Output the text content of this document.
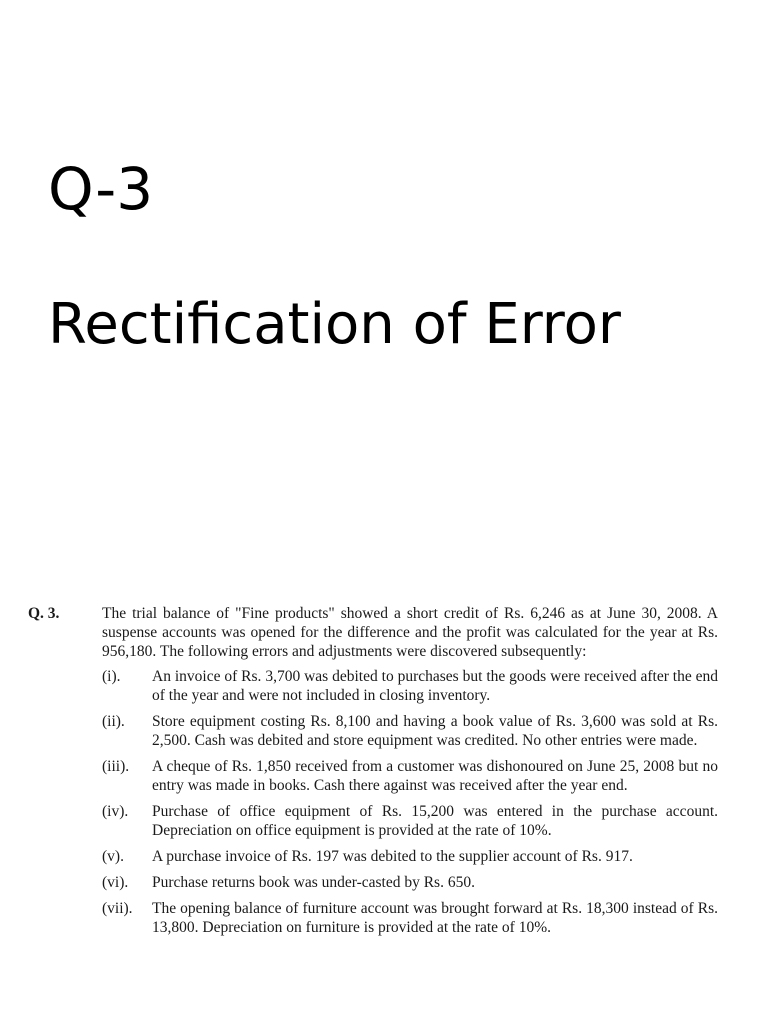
Q-3
Rectification of Error
Q. 3.	The trial balance of "Fine products" showed a short credit of Rs. 6,246 as at June 30, 2008. A suspense accounts was opened for the difference and the profit was calculated for the year at Rs. 956,180. The following errors and adjustments were discovered subsequently:
(i).	An invoice of Rs. 3,700 was debited to purchases but the goods were received after the end of the year and were not included in closing inventory.
(ii).	Store equipment costing Rs. 8,100 and having a book value of Rs. 3,600 was sold at Rs. 2,500. Cash was debited and store equipment was credited. No other entries were made.
(iii).	A cheque of Rs. 1,850 received from a customer was dishonoured on June 25, 2008 but no entry was made in books. Cash there against was received after the year end.
(iv).	Purchase of office equipment of Rs. 15,200 was entered in the purchase account. Depreciation on office equipment is provided at the rate of 10%.
(v).	A purchase invoice of Rs. 197 was debited to the supplier account of Rs. 917.
(vi).	Purchase returns book was under-casted by Rs. 650.
(vii).	The opening balance of furniture account was brought forward at Rs. 18,300 instead of Rs. 13,800. Depreciation on furniture is provided at the rate of 10%.
